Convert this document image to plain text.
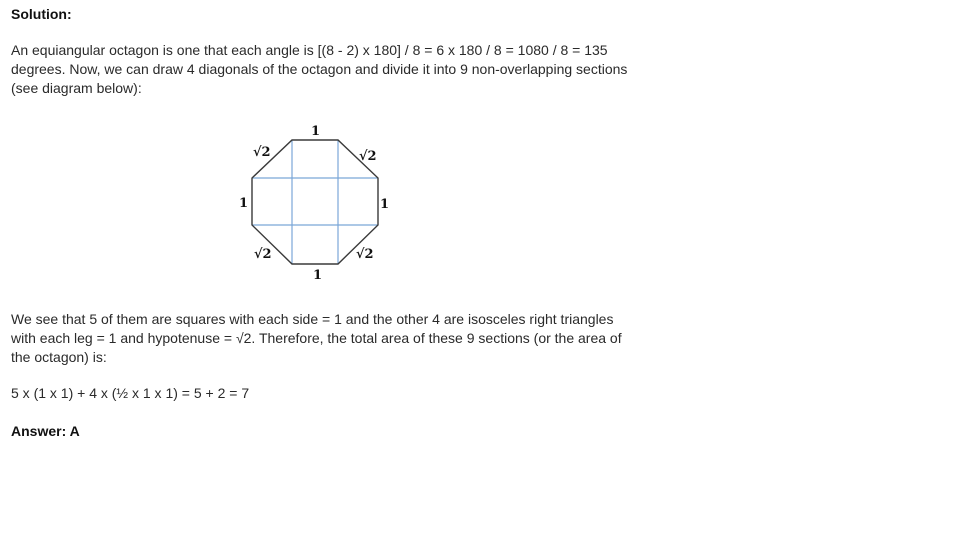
Solution:
An equiangular octagon is one that each angle is [(8 - 2) x 180] / 8 = 6 x 180 / 8 = 1080 / 8 = 135
degrees. Now, we can draw 4 diagonals of the octagon and divide it into 9 non-overlapping sections
(see diagram below):
1
1
1	1
√2	√2
√2	√2
We see that 5 of them are squares with each side = 1 and the other 4 are isosceles right triangles
with each leg = 1 and hypotenuse = √2. Therefore, the total area of these 9 sections (or the area of
the octagon) is:
5 x (1 x 1) + 4 x (½ x 1 x 1) = 5 + 2 = 7
Answer: A
